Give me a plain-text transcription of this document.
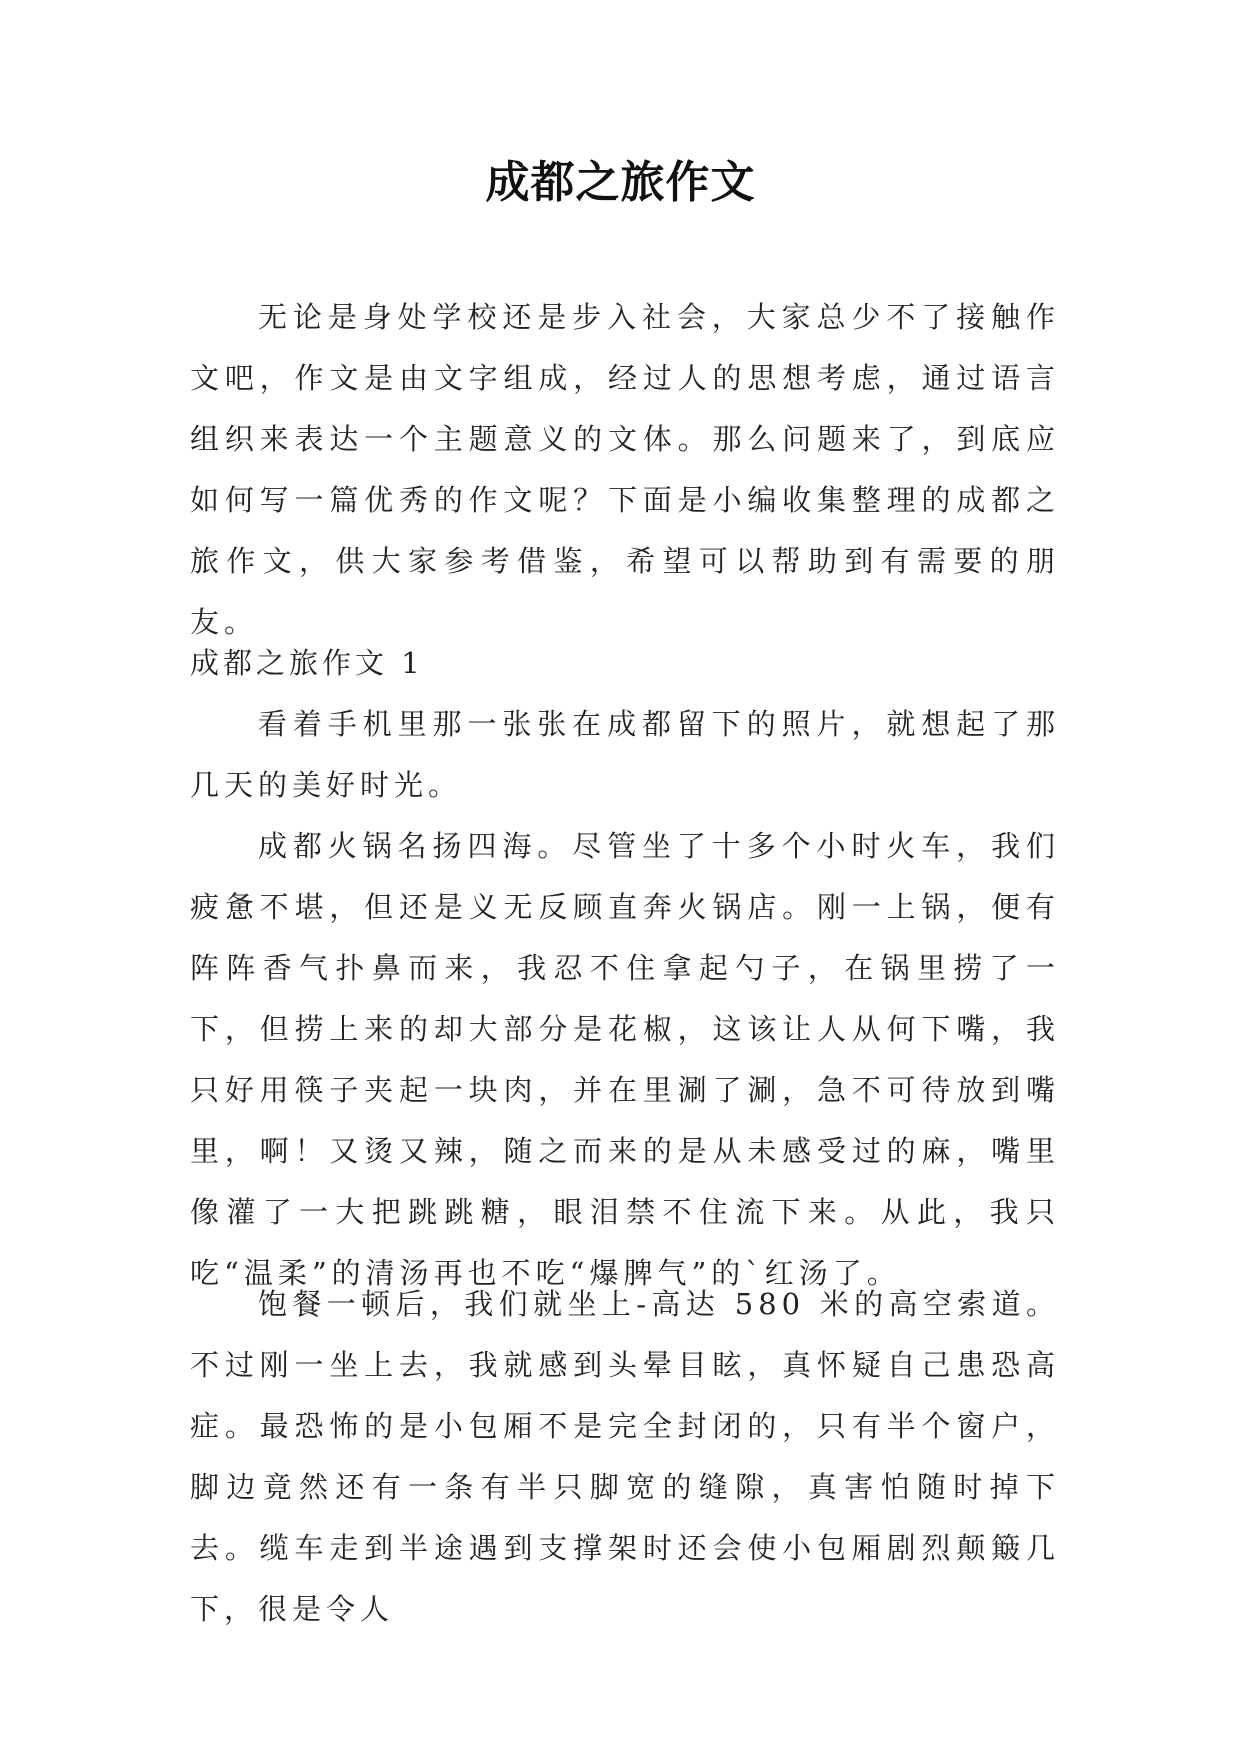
成都之旅作文

无论是身处学校还是步入社会，大家总少不了接触作文吧，作文是由文字组成，经过人的思想考虑，通过语言组织来表达一个主题意义的文体。那么问题来了，到底应如何写一篇优秀的作文呢？下面是小编收集整理的成都之旅作文，供大家参考借鉴，希望可以帮助到有需要的朋友。

成都之旅作文 1

看着手机里那一张张在成都留下的照片，就想起了那几天的美好时光。

成都火锅名扬四海。尽管坐了十多个小时火车，我们疲惫不堪，但还是义无反顾直奔火锅店。刚一上锅，便有阵阵香气扑鼻而来，我忍不住拿起勺子，在锅里捞了一下，但捞上来的却大部分是花椒，这该让人从何下嘴，我只好用筷子夹起一块肉，并在里涮了涮，急不可待放到嘴里，啊！又烫又辣，随之而来的是从未感受过的麻，嘴里像灌了一大把跳跳糖，眼泪禁不住流下来。从此，我只吃“温柔”的清汤再也不吃“爆脾气”的`红汤了。

饱餐一顿后，我们就坐上-高达 580 米的高空索道。不过刚一坐上去，我就感到头晕目眩，真怀疑自己患恐高症。最恐怖的是小包厢不是完全封闭的，只有半个窗户，脚边竟然还有一条有半只脚宽的缝隙，真害怕随时掉下去。缆车走到半途遇到支撑架时还会使小包厢剧烈颠簸几下，很是令人
